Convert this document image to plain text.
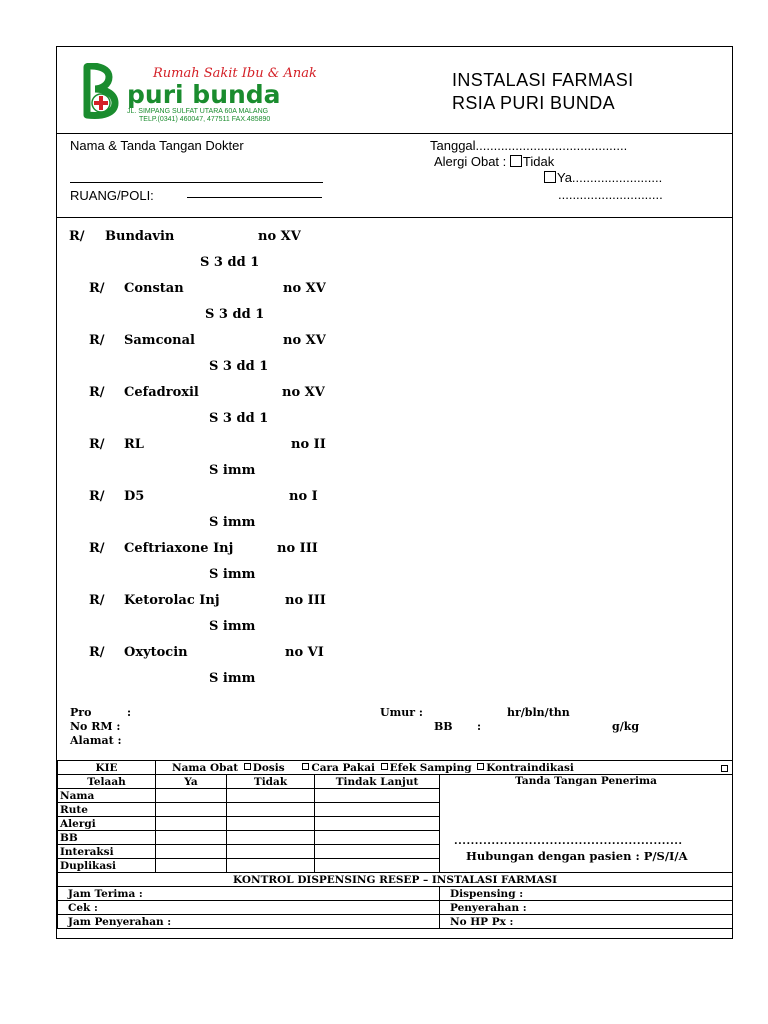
Rumah Sakit Ibu & Anak
puri bunda
JL. SIMPANG SULFAT UTARA 60A MALANG
TELP.(0341) 460047, 477511 FAX.485890
INSTALASI FARMASI
RSIA PURI BUNDA
Nama & Tanda Tangan Dokter
RUANG/POLI:
Tanggal..........................................
Alergi Obat : Tidak
Ya.........................
.............................
R/ Bundavin	no XV
S 3 dd 1
R/ Constan	no XV
S 3 dd 1
R/ Samconal	no XV
S 3 dd 1
R/ Cefadroxil	no XV
S 3 dd 1
R/ RL	no II
S imm
R/ D5	no I
S imm
R/ Ceftriaxone Inj	no III
S imm
R/ Ketorolac Inj	no III
S imm
R/ Oxytocin	no VI
S imm
Pro	:
No RM :
Alamat :
Umur :	hr/bln/thn
BB :	g/kg
KIE	Nama Obat Dosis Cara Pakai Efek Samping Kontraindikasi			

Telaah	Ya	Tidak	Tindak Lanjut	Tanda Tangan Penerima
.......................................................
Hubungan dengan pasien : P/S/I/A

Nama				
Rute				
Alergi				
BB				
Interaksi				
Duplikasi				
KONTROL DISPENSING RESEP – INSTALASI FARMASI				
Jam Terima :				Dispensing :
Cek :				Penyerahan :
Jam Penyerahan :				No HP Px :
